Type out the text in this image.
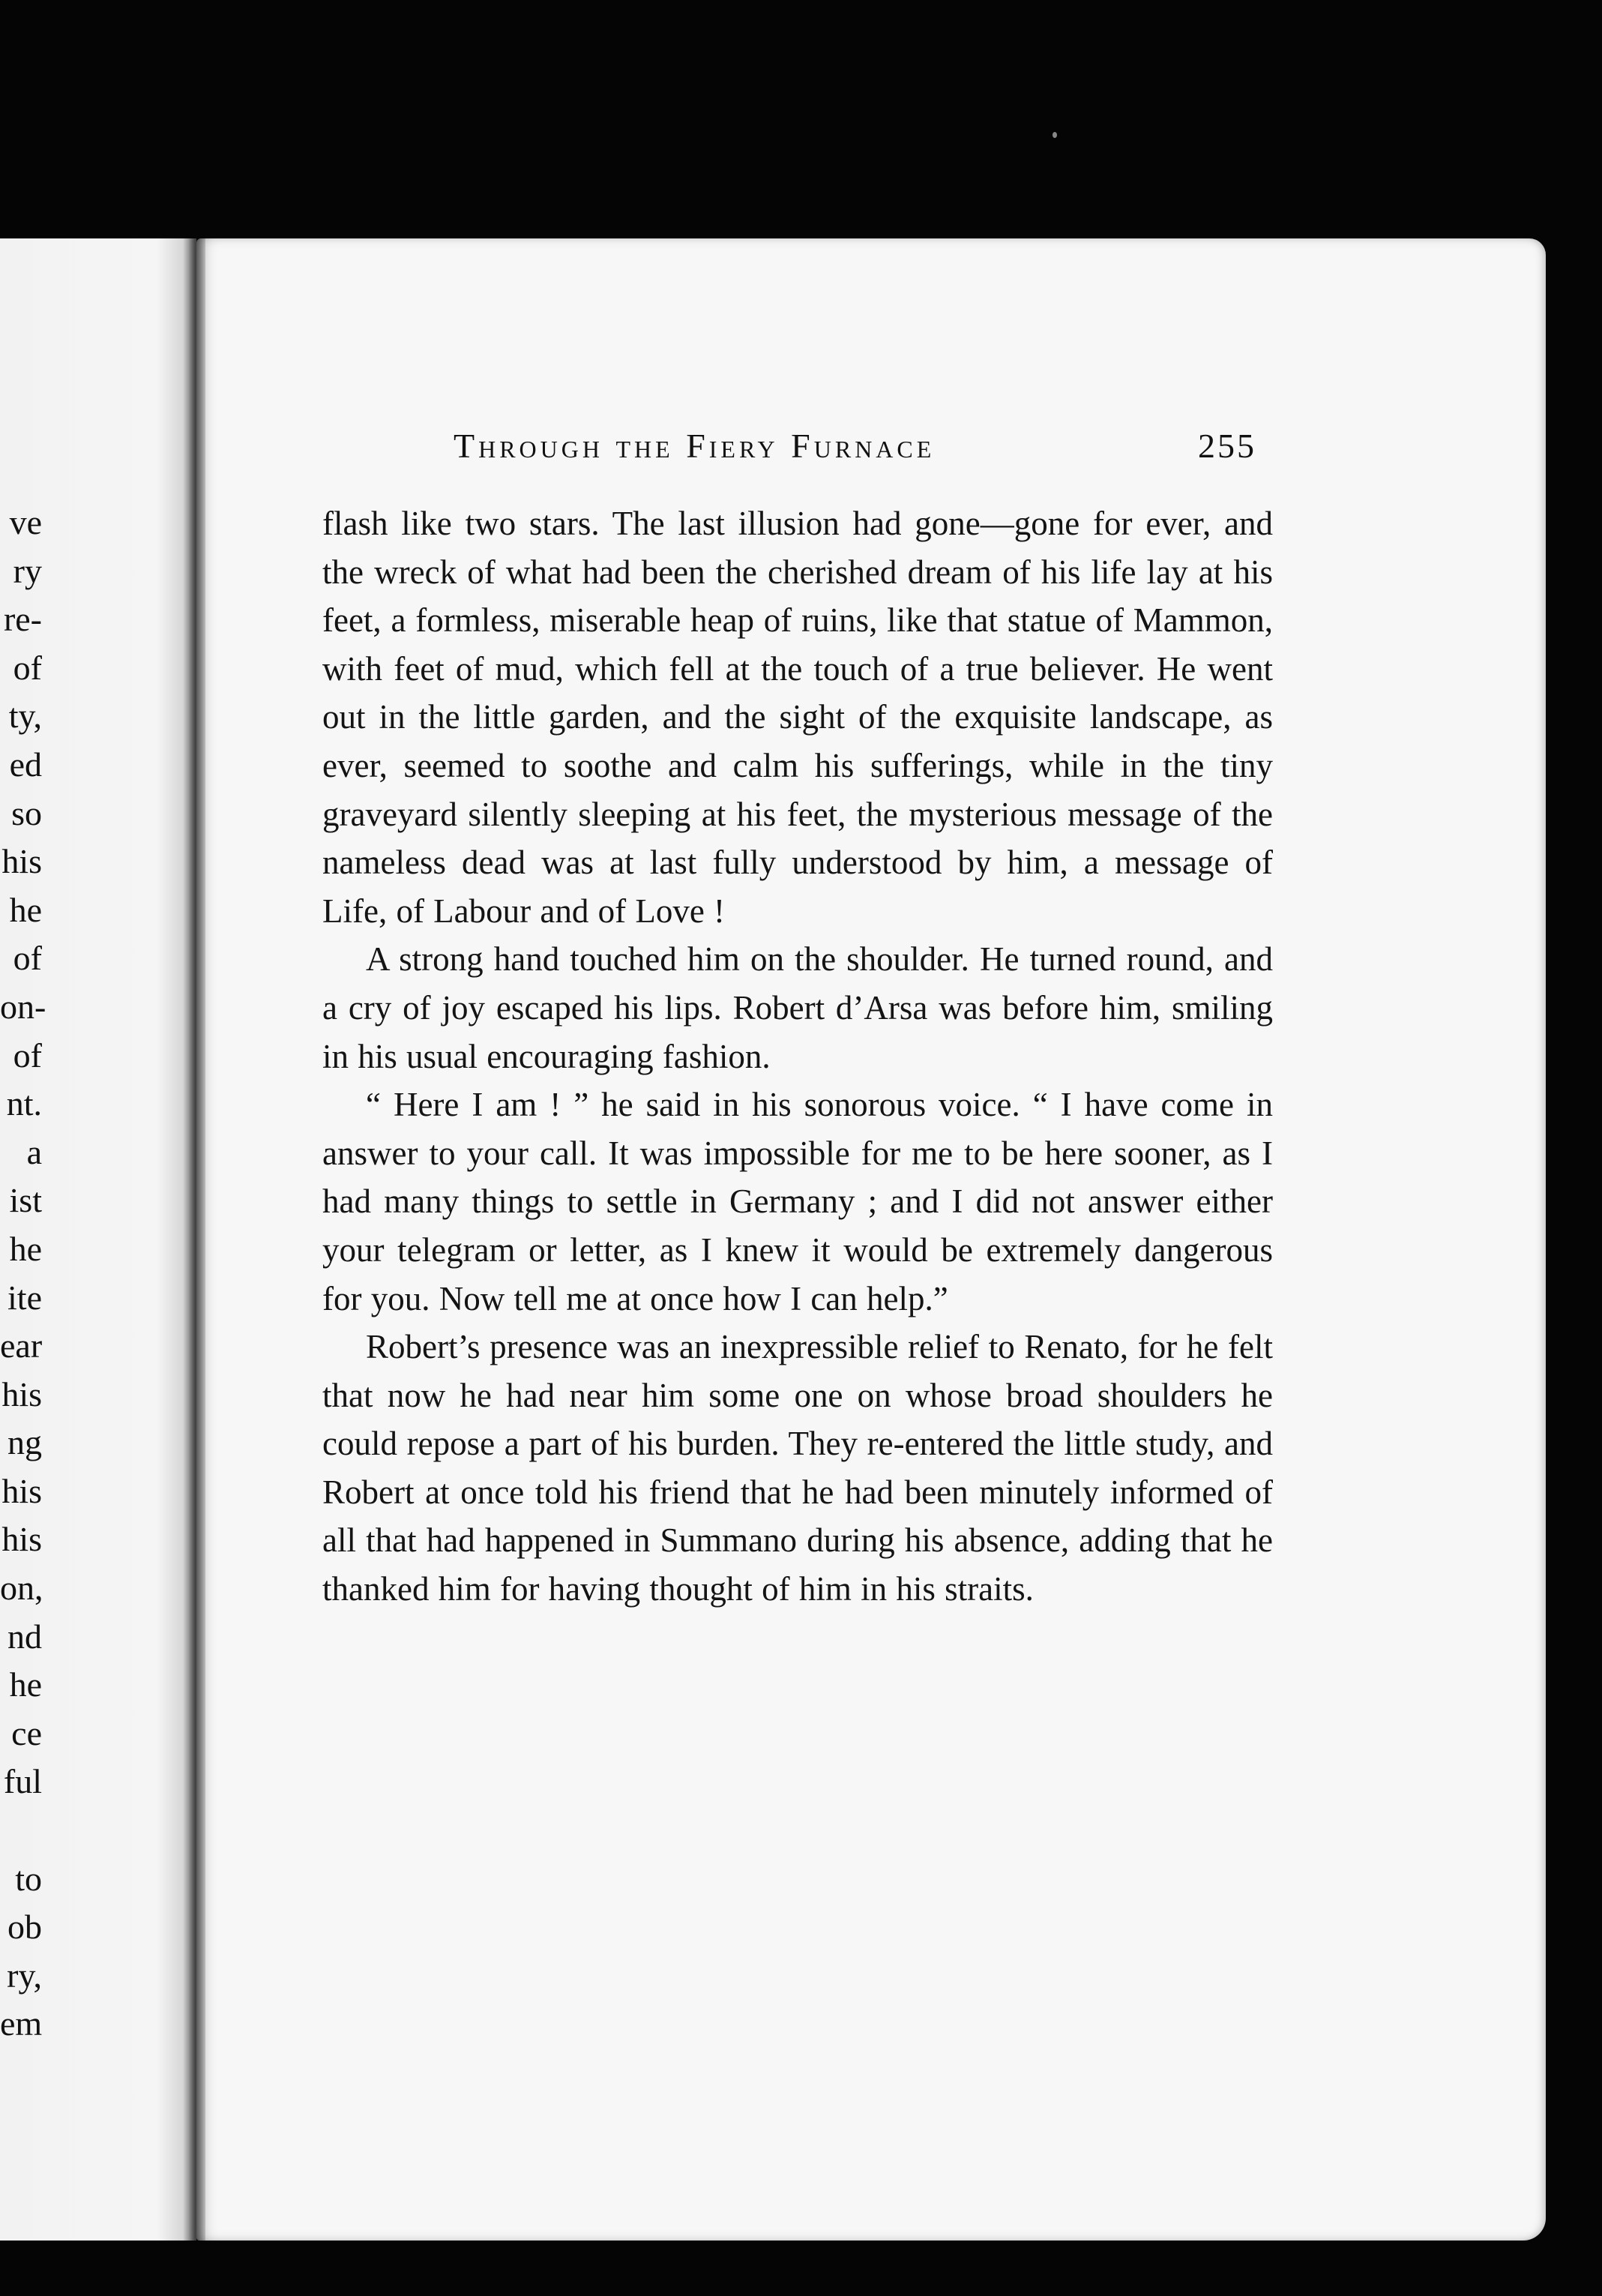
ve
ry
re-
of
ty,
ed
so
his
he
of
on-
of
nt.
a
ist
he
ite
ear
his
ng
his
his
on,
nd
he
ce
ful
to
ob
ry,
em
Through the Fiery Furnace	255

flash like two stars. The last illusion had gone—gone for ever, and the wreck of what had been the cherished dream of his life lay at his feet, a formless, miserable heap of ruins, like that statue of Mammon, with feet of mud, which fell at the touch of a true believer. He went out in the little garden, and the sight of the exquisite landscape, as ever, seemed to soothe and calm his sufferings, while in the tiny graveyard silently sleeping at his feet, the mysterious message of the nameless dead was at last fully understood by him, a message of Life, of Labour and of Love !

A strong hand touched him on the shoulder. He turned round, and a cry of joy escaped his lips. Robert d’Arsa was before him, smiling in his usual encouraging fashion.

“ Here I am ! ” he said in his sonorous voice. “ I have come in answer to your call. It was impossible for me to be here sooner, as I had many things to settle in Germany ; and I did not answer either your telegram or letter, as I knew it would be extremely dangerous for you. Now tell me at once how I can help.”

Robert’s presence was an inexpressible relief to Renato, for he felt that now he had near him some one on whose broad shoulders he could repose a part of his burden. They re-entered the little study, and Robert at once told his friend that he had been minutely informed of all that had happened in Summano during his absence, adding that he thanked him for having thought of him in his straits.
